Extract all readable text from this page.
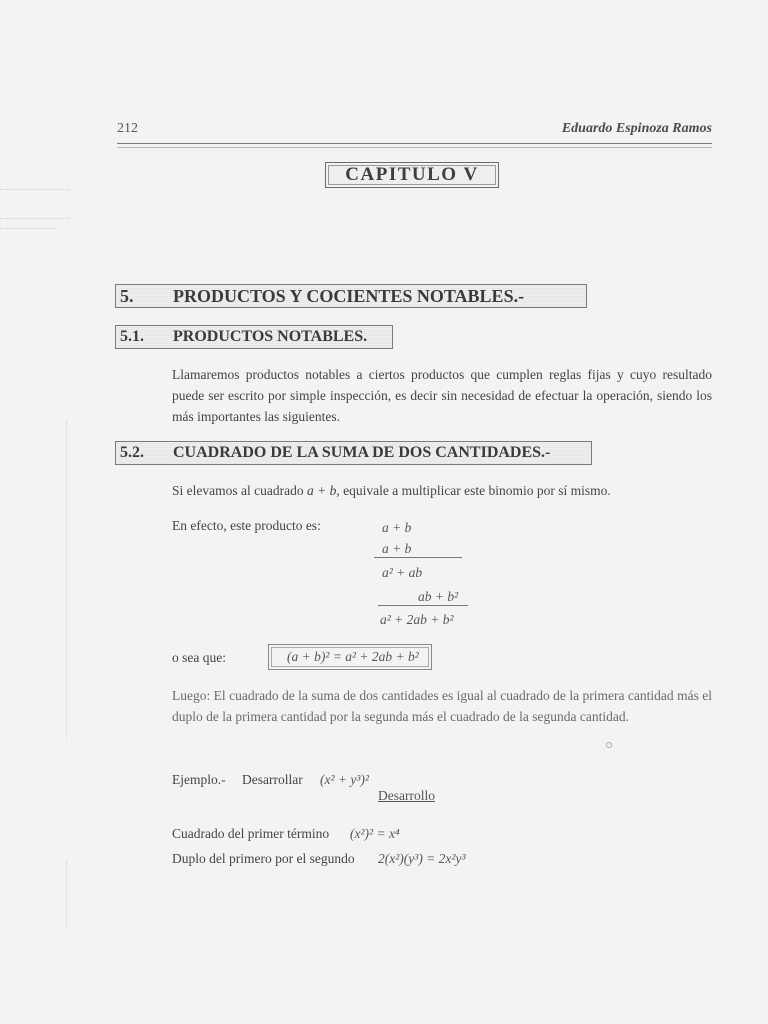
212	Eduardo Espinoza Ramos
CAPITULO V
5. PRODUCTOS Y COCIENTES NOTABLES.-
5.1. PRODUCTOS NOTABLES.

Llamaremos productos notables a ciertos productos que cumplen reglas fijas y cuyo resultado puede ser escrito por simple inspección, es decir sin necesidad de efectuar la operación, siendo los más importantes las siguientes.

5.2. CUADRADO DE LA SUMA DE DOS CANTIDADES.-

Si elevamos al cuadrado a + b, equivale a multiplicar este binomio por sí mismo.

En efecto, este producto es:	a + b
a + b
a² + ab
ab + b²
a² + 2ab + b²
o sea que:	(a + b)² = a² + 2ab + b²

Luego: El cuadrado de la suma de dos cantidades es igual al cuadrado de la primera cantidad más el duplo de la primera cantidad por la segunda más el cuadrado de la segunda cantidad.

Ejemplo.- Desarrollar (x² + y³)²
Desarrollo
Cuadrado del primer término (x²)² = x⁴
Duplo del primero por el segundo 2(x²)(y³) = 2x²y³
